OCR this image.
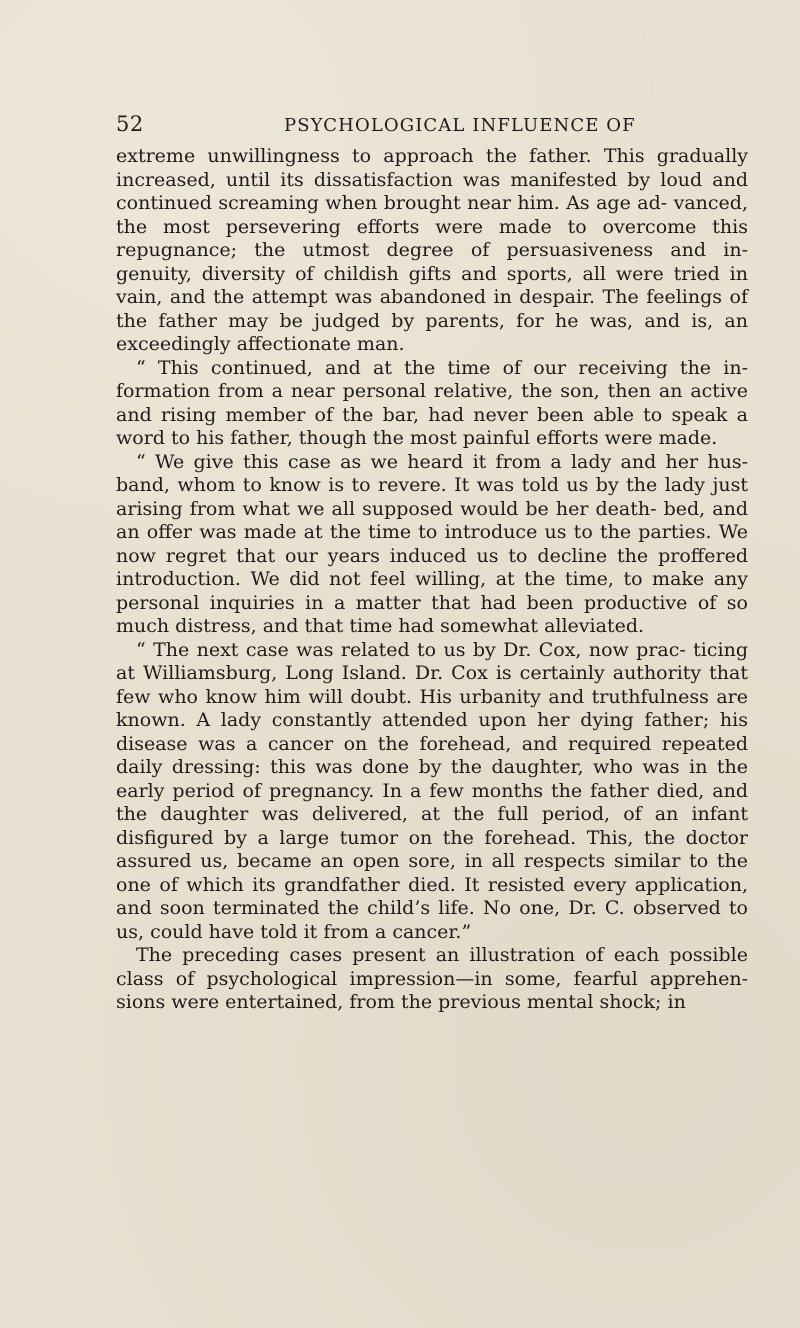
52	PSYCHOLOGICAL INFLUENCE OF

extreme unwillingness to approach the father. This gradually increased, until its dissatisfaction was manifested by loud and continued screaming when brought near him. As age ad- vanced, the most persevering efforts were made to overcome this repugnance; the utmost degree of persuasiveness and in- genuity, diversity of childish gifts and sports, all were tried in vain, and the attempt was abandoned in despair. The feelings of the father may be judged by parents, for he was, and is, an exceedingly affectionate man.

“ This continued, and at the time of our receiving the in- formation from a near personal relative, the son, then an active and rising member of the bar, had never been able to speak a word to his father, though the most painful efforts were made.

“ We give this case as we heard it from a lady and her hus- band, whom to know is to revere. It was told us by the lady just arising from what we all supposed would be her death- bed, and an offer was made at the time to introduce us to the parties. We now regret that our years induced us to decline the proffered introduction. We did not feel willing, at the time, to make any personal inquiries in a matter that had been productive of so much distress, and that time had somewhat alleviated.

“ The next case was related to us by Dr. Cox, now prac- ticing at Williamsburg, Long Island. Dr. Cox is certainly authority that few who know him will doubt. His urbanity and truthfulness are known. A lady constantly attended upon her dying father; his disease was a cancer on the forehead, and required repeated daily dressing: this was done by the daughter, who was in the early period of pregnancy. In a few months the father died, and the daughter was delivered, at the full period, of an infant disfigured by a large tumor on the forehead. This, the doctor assured us, became an open sore, in all respects similar to the one of which its grandfather died. It resisted every application, and soon terminated the child’s life. No one, Dr. C. observed to us, could have told it from a cancer.”

The preceding cases present an illustration of each possible class of psychological impression—in some, fearful apprehen- sions were entertained, from the previous mental shock; in
